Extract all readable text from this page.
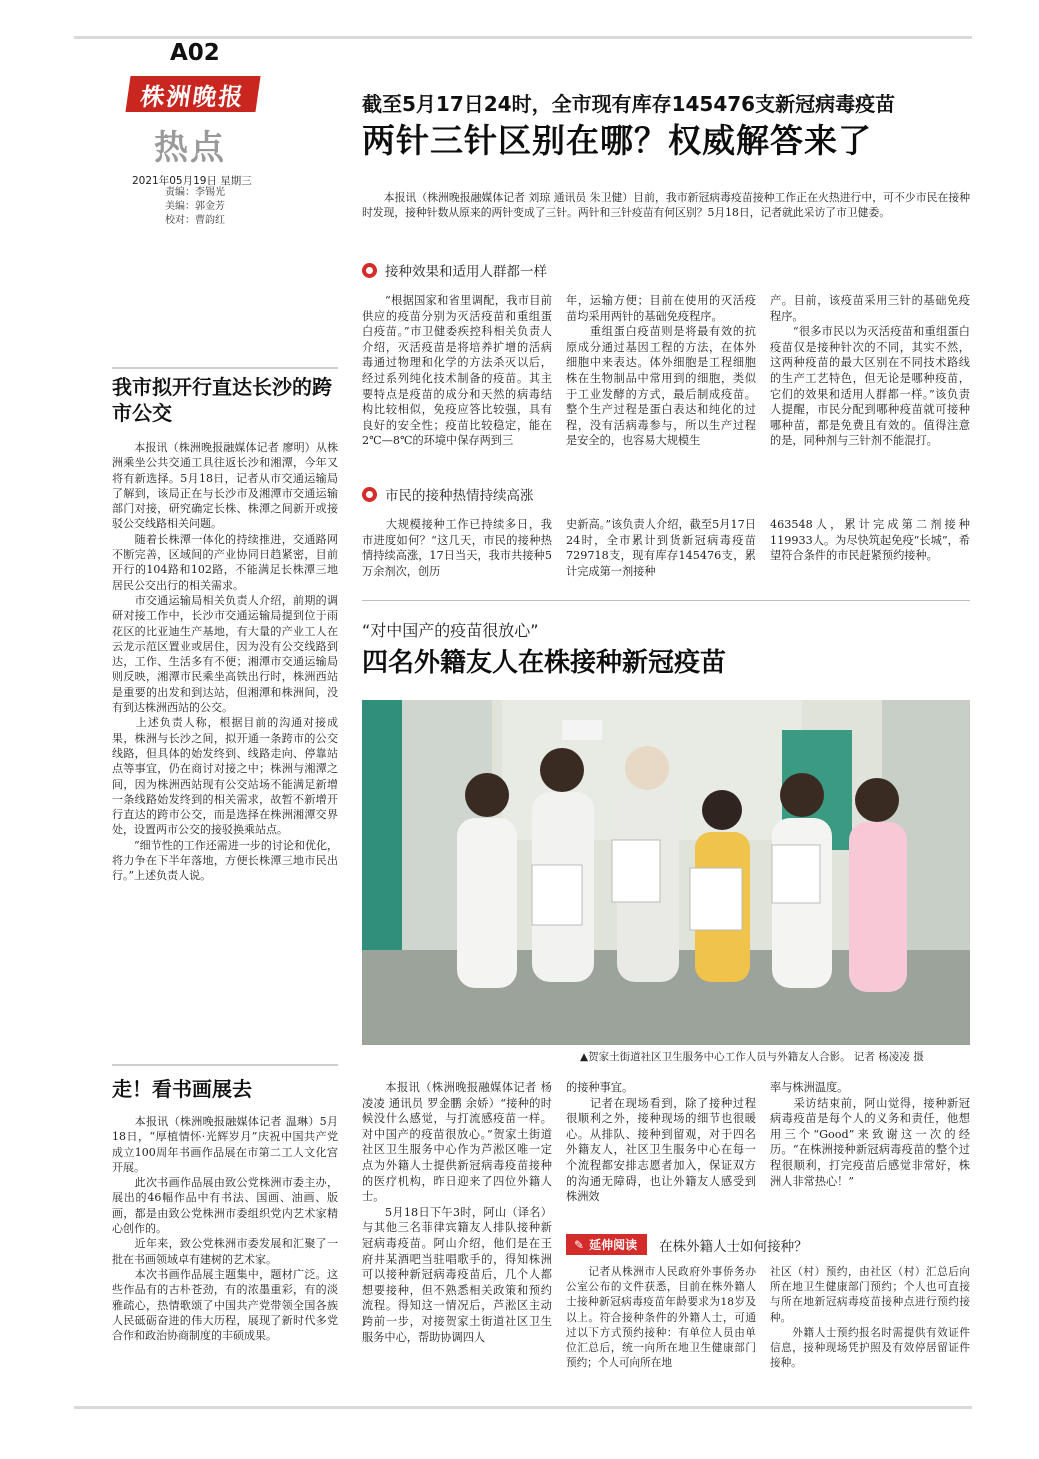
A02
株洲晚报
热点
2021年05月19日 星期三
责编：李锡光
美编：郭金芳
校对：曹韵红
截至5月17日24时，全市现有库存145476支新冠病毒疫苗
两针三针区别在哪？权威解答来了
　　本报讯（株洲晚报融媒体记者 刘琼 通讯员 朱卫健）目前，我市新冠病毒疫苗接种工作正在火热进行中，可不少市民在接种时发现，接种针数从原来的两针变成了三针。两针和三针疫苗有何区别？5月18日，记者就此采访了市卫健委。
接种效果和适用人群都一样
　　“根据国家和省里调配，我市目前供应的疫苗分别为灭活疫苗和重组蛋白疫苗。”市卫健委疾控科相关负责人介绍，灭活疫苗是将培养扩增的活病毒通过物理和化学的方法杀灭以后，经过系列纯化技术制备的疫苗。其主要特点是疫苗的成分和天然的病毒结构比较相似，免疫应答比较强，具有良好的安全性；疫苗比较稳定，能在2℃—8℃的环境中保存两到三
年，运输方便；目前在使用的灭活疫苗均采用两针的基础免疫程序。
　　重组蛋白疫苗则是将最有效的抗原成分通过基因工程的方法，在体外细胞中来表达。体外细胞是工程细胞株在生物制品中常用到的细胞，类似于工业发酵的方式，最后制成疫苗。整个生产过程是蛋白表达和纯化的过程，没有活病毒参与，所以生产过程是安全的，也容易大规模生
产。目前，该疫苗采用三针的基础免疫程序。
　　“很多市民以为灭活疫苗和重组蛋白疫苗仅是接种针次的不同，其实不然，这两种疫苗的最大区别在不同技术路线的生产工艺特色，但无论是哪种疫苗，它们的效果和适用人群都一样。”该负责人提醒，市民分配到哪种疫苗就可接种哪种苗，都是免费且有效的。值得注意的是，同种剂与三针剂不能混打。
市民的接种热情持续高涨
　　大规模接种工作已持续多日，我市进度如何？“这几天，市民的接种热情持续高涨，17日当天，我市共接种5万余剂次，创历
史新高。”该负责人介绍，截至5月17日24时，全市累计到货新冠病毒疫苗729718支，现有库存145476支，累计完成第一剂接种
463548人，累计完成第二剂接种119933人。为尽快筑起免疫“长城”，希望符合条件的市民赶紧预约接种。
“对中国产的疫苗很放心”
四名外籍友人在株接种新冠疫苗
▲贺家土街道社区卫生服务中心工作人员与外籍友人合影。 记者 杨凌凌 摄
　　本报讯（株洲晚报融媒体记者 杨凌凌 通讯员 罗金鹏 余娇）“接种的时候没什么感觉，与打流感疫苗一样。对中国产的疫苗很放心。”贺家土街道社区卫生服务中心作为芦淞区唯一定点为外籍人士提供新冠病毒疫苗接种的医疗机构，昨日迎来了四位外籍人士。
　　5月18日下午3时，阿山（译名）与其他三名菲律宾籍友人排队接种新冠病毒疫苗。阿山介绍，他们是在王府井某酒吧当驻唱歌手的，得知株洲可以接种新冠病毒疫苗后，几个人都想要接种，但不熟悉相关政策和预约流程。得知这一情况后，芦淞区主动跨前一步，对接贺家土街道社区卫生服务中心，帮助协调四人
的接种事宜。
　　记者在现场看到，除了接种过程很顺利之外，接种现场的细节也很暖心。从排队、接种到留观，对于四名外籍友人，社区卫生服务中心在每一个流程都安排志愿者加入，保证双方的沟通无障碍，也让外籍友人感受到株洲效
率与株洲温度。
　　采访结束前，阿山觉得，接种新冠病毒疫苗是每个人的义务和责任，他想用三个“Good”来致谢这一次的经历。“在株洲接种新冠病毒疫苗的整个过程很顺利，打完疫苗后感觉非常好，株洲人非常热心！”
✎ 延伸阅读 在株外籍人士如何接种？
　　记者从株洲市人民政府外事侨务办公室公布的文件获悉，目前在株外籍人士接种新冠病毒疫苗年龄要求为18岁及以上。符合接种条件的外籍人士，可通过以下方式预约接种：有单位人员由单位汇总后，统一向所在地卫生健康部门预约；个人可向所在地
社区（村）预约，由社区（村）汇总后向所在地卫生健康部门预约；个人也可直接与所在地新冠病毒疫苗接种点进行预约接种。
　　外籍人士预约报名时需提供有效证件信息，接种现场凭护照及有效停居留证件接种。
我市拟开行直达长沙的跨市公交
　　本报讯（株洲晚报融媒体记者 廖明）从株洲乘坐公共交通工具往返长沙和湘潭，今年又将有新选择。5月18日，记者从市交通运输局了解到，该局正在与长沙市及湘潭市交通运输部门对接，研究确定长株、株潭之间新开或接驳公交线路相关问题。
　　随着长株潭一体化的持续推进，交通路网不断完善，区域间的产业协同日趋紧密，目前开行的104路和102路，不能满足长株潭三地居民公交出行的相关需求。
　　市交通运输局相关负责人介绍，前期的调研对接工作中，长沙市交通运输局提到位于雨花区的比亚迪生产基地，有大量的产业工人在云龙示范区置业或居住，因为没有公交线路到达，工作、生活多有不便；湘潭市交通运输局则反映，湘潭市民乘坐高铁出行时，株洲西站是重要的出发和到达站，但湘潭和株洲间，没有到达株洲西站的公交。
　　上述负责人称，根据目前的沟通对接成果，株洲与长沙之间，拟开通一条跨市的公交线路，但具体的始发终到、线路走向、停靠站点等事宜，仍在商讨对接之中；株洲与湘潭之间，因为株洲西站现有公交站场不能满足新增一条线路始发终到的相关需求，故暂不新增开行直达的跨市公交，而是选择在株洲湘潭交界处，设置两市公交的接驳换乘站点。
　　“细节性的工作还需进一步的讨论和优化，将力争在下半年落地，方便长株潭三地市民出行。”上述负责人说。
走！看书画展去
　　本报讯（株洲晚报融媒体记者 温琳）5月18日，“厚植情怀·光辉岁月”庆祝中国共产党成立100周年书画作品展在市第二工人文化宫开展。
　　此次书画作品展由致公党株洲市委主办，展出的46幅作品中有书法、国画、油画、版画，都是由致公党株洲市委组织党内艺术家精心创作的。
　　近年来，致公党株洲市委发展和汇聚了一批在书画领域卓有建树的艺术家。
　　本次书画作品展主题集中，题材广泛。这些作品有的古朴苍劲，有的浓墨重彩，有的淡雅疏心，热情歌颂了中国共产党带领全国各族人民砥砺奋进的伟大历程，展现了新时代多党合作和政治协商制度的丰硕成果。
